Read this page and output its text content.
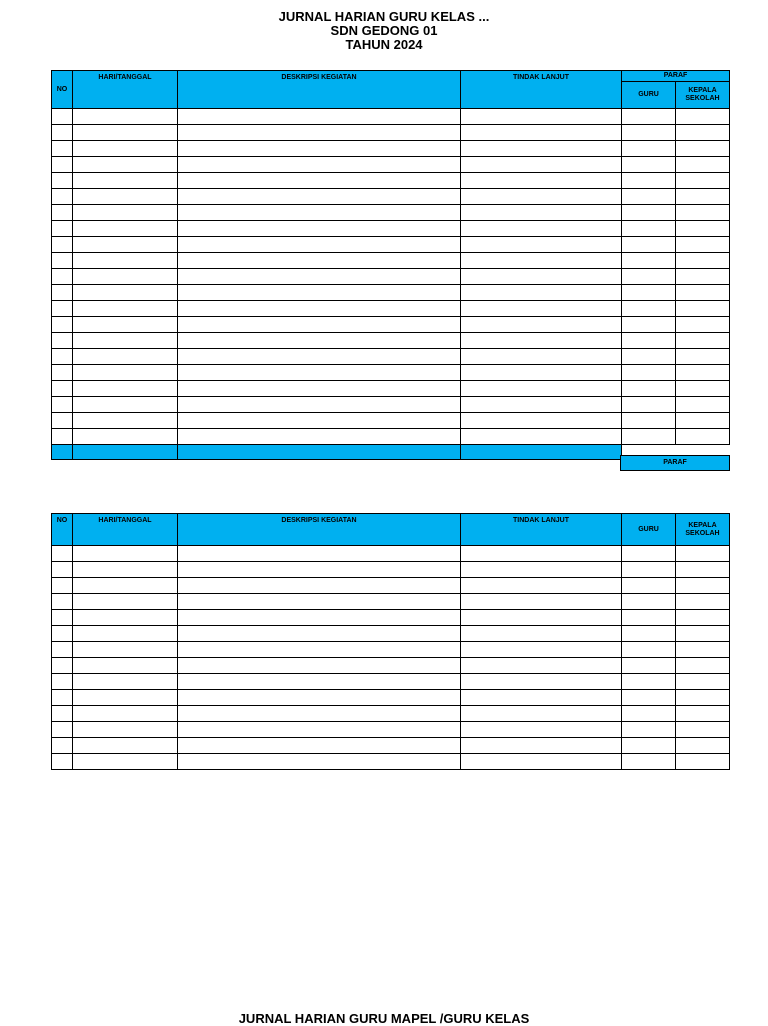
JURNAL HARIAN GURU KELAS ...
SDN GEDONG 01
TAHUN 2024
NO	HARI/TANGGAL	DESKRIPSI KEGIATAN	TINDAK LANJUT	PARAF	
				GURU	KEPALA SEKOLAH

PARAF
NO	HARI/TANGGAL	DESKRIPSI KEGIATAN	TINDAK LANJUT	GURU	KEPALA SEKOLAH

JURNAL HARIAN GURU MAPEL /GURU KELAS
